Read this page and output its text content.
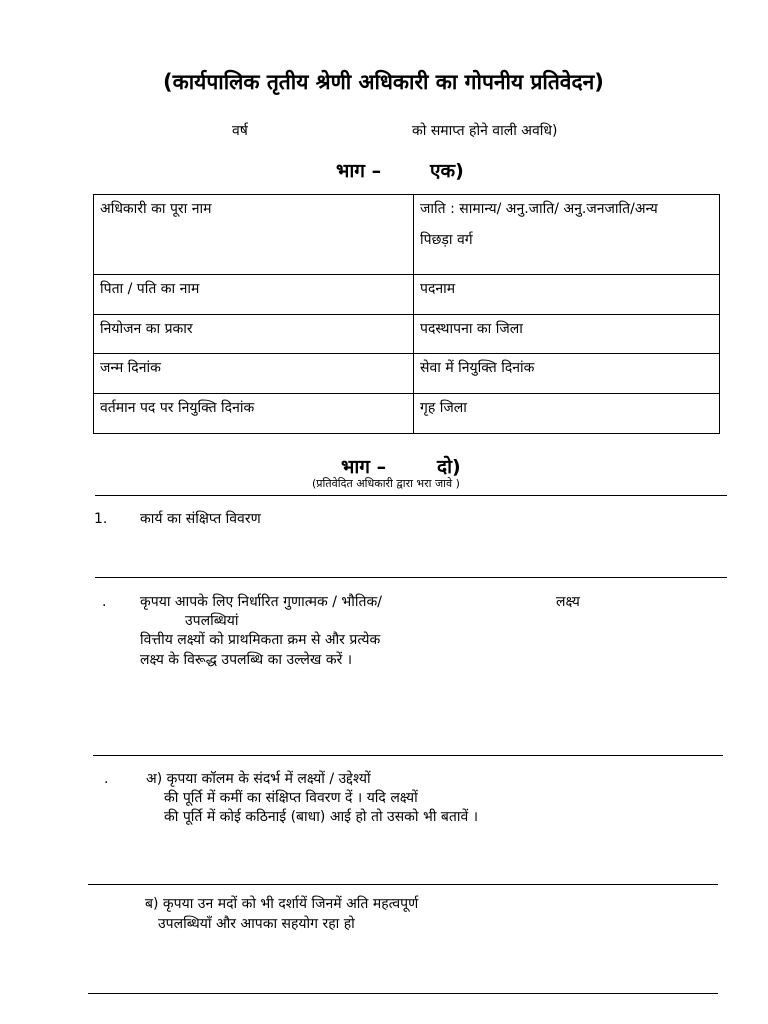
(कार्यपालिक तृतीय श्रेणी अधिकारी का गोपनीय प्रतिवेदन)
वर्ष	को समाप्त होने वाली अवधि)
भाग –	एक)
अधिकारी का पूरा नाम	जाति : सामान्य/ अनु.जाति/ अनु.जनजाति/अन्य
पिछड़ा वर्ग

पिता / पति का नाम	पदनाम
नियोजन का प्रकार	पदस्थापना का जिला
जन्म दिनांक	सेवा में नियुक्ति दिनांक
वर्तमान पद पर नियुक्ति दिनांक	गृह जिला
भाग –	दो)
(प्रतिवेदित अधिकारी द्वारा भरा जावे )
1. कार्य का संक्षिप्त विवरण
. कृपया आपके लिए निर्धारित गुणात्मक / भौतिक/	लक्ष्य
उपलब्धियां
वित्तीय लक्ष्यों को प्राथमिकता क्रम से और प्रत्येक
लक्ष्य के विरूद्ध उपलब्धि का उल्लेख करें ।
.	अ) कृपया कॉलम के संदर्भ में लक्ष्यों / उद्देश्यों
की पूर्ति में कमीं का संक्षिप्त विवरण दें । यदि लक्ष्यों
की पूर्ति में कोई कठिनाई (बाधा) आई हो तो उसको भी बतावें ।
ब) कृपया उन मदों को भी दर्शायें जिनमें अति महत्वपूर्ण
उपलब्धियाँ और आपका सहयोग रहा हो
